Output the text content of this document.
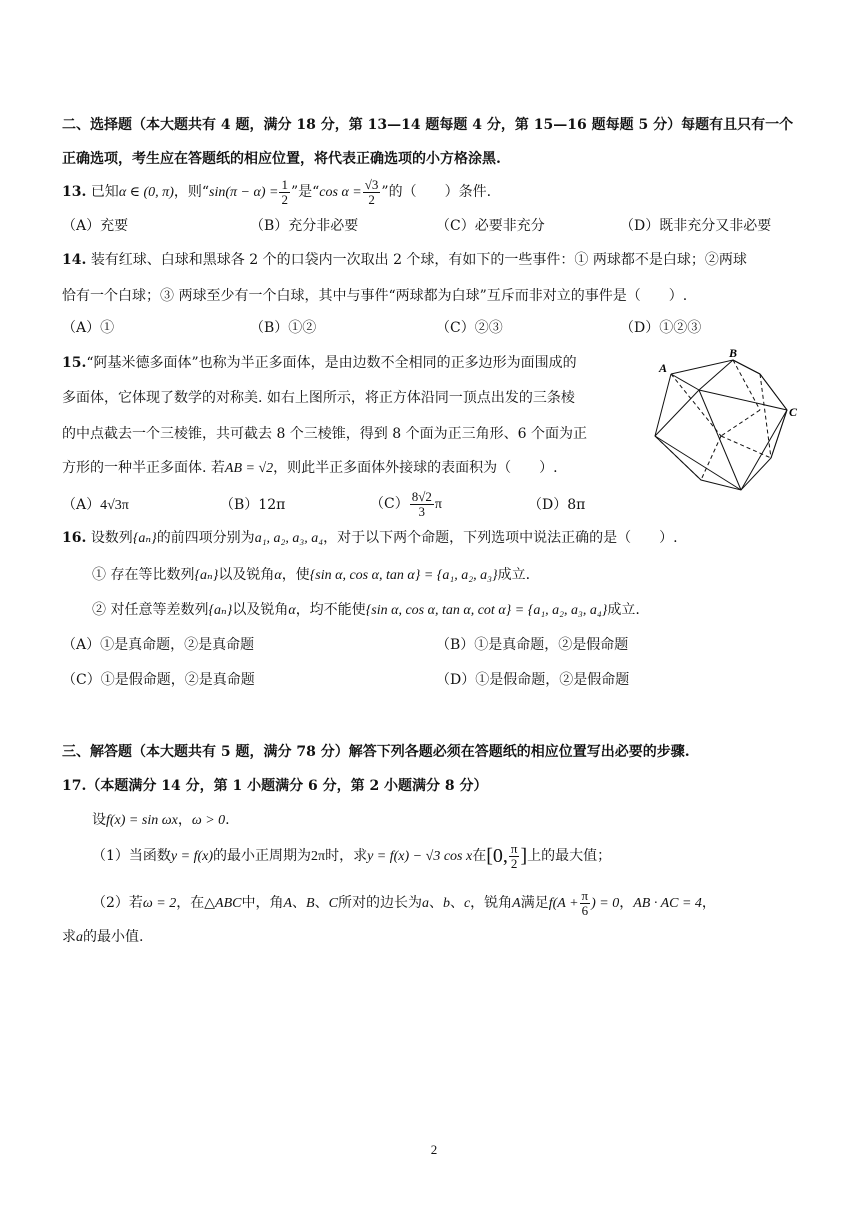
二、选择题（本大题共有 4 题，满分 18 分，第 13—14 题每题 4 分，第 15—16 题每题 5 分）每题有且只有一个
正确选项，考生应在答题纸的相应位置，将代表正确选项的小方格涂黑.
13. 已知α ∈ (0, π)，则“$\sin(\pi - \alpha) = \frac{1}{2}$ ”是“cos $\alpha = \frac{√3}{2}$ ”的（　　）条件.
（A）充要	（B）充分非必要	（C）必要非充分	（D）既非充分又非必要
14. 装有红球、白球和黑球各 2 个的口袋内一次取出 2 个球，有如下的一些事件：① 两球都不是白球；②两球
恰有一个白球；③ 两球至少有一个白球，其中与事件“两球都为白球”互斥而非对立的事件是（　　）.
（A）①	（B）①②	（C）②③	（D）①②③
15.“阿基米德多面体”也称为半正多面体，是由边数不全相同的正多边形为面围成的
多面体，它体现了数学的对称美. 如右上图所示，将正方体沿同一顶点出发的三条棱
的中点截去一个三棱锥，共可截去 8 个三棱锥，得到 8 个面为正三角形、6 个面为正
方形的一种半正多面体. 若AB = √2，则此半正多面体外接球的表面积为（　　）.
（A）4√3π	（B）12π	$(C) \frac{8√2}{3}$ π	（D）8π
A
B
C
16. 设数列{aₙ}的前四项分别为a₁, a₂, a₃, a₄，对于以下两个命题，下列选项中说法正确的是（　　）.
① 存在等比数列{aₙ}以及锐角α，使{sin α, cos α, tan α} = {a₁, a₂, a₃}成立.
② 对任意等差数列{aₙ}以及锐角α，均不能使{sin α, cos α, tan α, cot α} = {a₁, a₂, a₃, a₄}成立.
（A）①是真命题，②是真命题	（B）①是真命题，②是假命题
（C）①是假命题，②是真命题	（D）①是假命题，②是假命题
三、解答题（本大题共有 5 题，满分 78 分）解答下列各题必须在答题纸的相应位置写出必要的步骤.
17.（本题满分 14 分，第 1 小题满分 6 分，第 2 小题满分 8 分）
设f(x) = sin ωx，ω > 0.
（1）当函数y = f(x)的最小正周期为2π时，求y = f(x) − √3 cos x在[0, $\frac{\pi}{2}$ ]上的最大值；
（2）若ω = 2，在△ABC中，角A、B、C所对的边长为a、b、c，锐角A满足$f(A + \frac{\pi}{6}$ ) = 0，AB · AC = 4，
求a的最小值.
2
